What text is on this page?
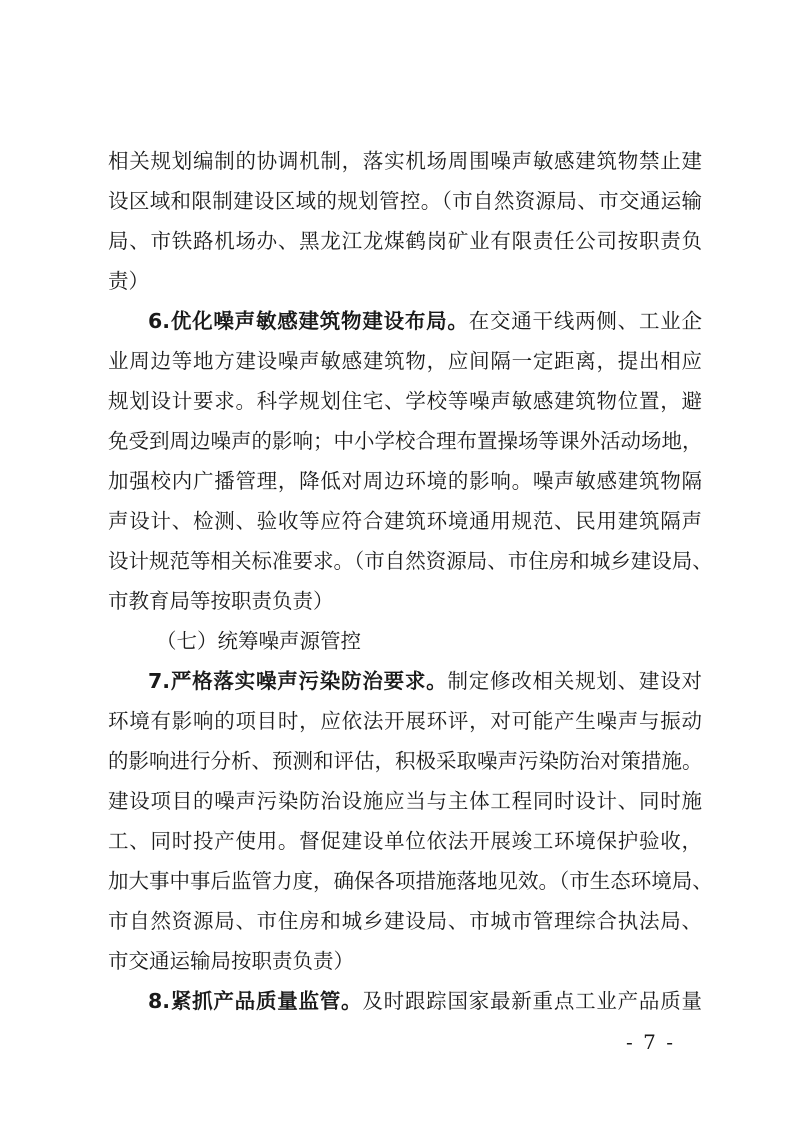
相关规划编制的协调机制，落实机场周围噪声敏感建筑物禁止建
设区域和限制建设区域的规划管控。（市自然资源局、市交通运输
局、市铁路机场办、黑龙江龙煤鹤岗矿业有限责任公司按职责负
责）
6.优化噪声敏感建筑物建设布局。在交通干线两侧、工业企
业周边等地方建设噪声敏感建筑物，应间隔一定距离，提出相应
规划设计要求。科学规划住宅、学校等噪声敏感建筑物位置，避
免受到周边噪声的影响；中小学校合理布置操场等课外活动场地，
加强校内广播管理，降低对周边环境的影响。噪声敏感建筑物隔
声设计、检测、验收等应符合建筑环境通用规范、民用建筑隔声
设计规范等相关标准要求。（市自然资源局、市住房和城乡建设局、
市教育局等按职责负责）
（七）统筹噪声源管控
7.严格落实噪声污染防治要求。制定修改相关规划、建设对
环境有影响的项目时，应依法开展环评，对可能产生噪声与振动
的影响进行分析、预测和评估，积极采取噪声污染防治对策措施。
建设项目的噪声污染防治设施应当与主体工程同时设计、同时施
工、同时投产使用。督促建设单位依法开展竣工环境保护验收，
加大事中事后监管力度，确保各项措施落地见效。（市生态环境局、
市自然资源局、市住房和城乡建设局、市城市管理综合执法局、
市交通运输局按职责负责）
8.紧抓产品质量监管。及时跟踪国家最新重点工业产品质量
- 7 -
